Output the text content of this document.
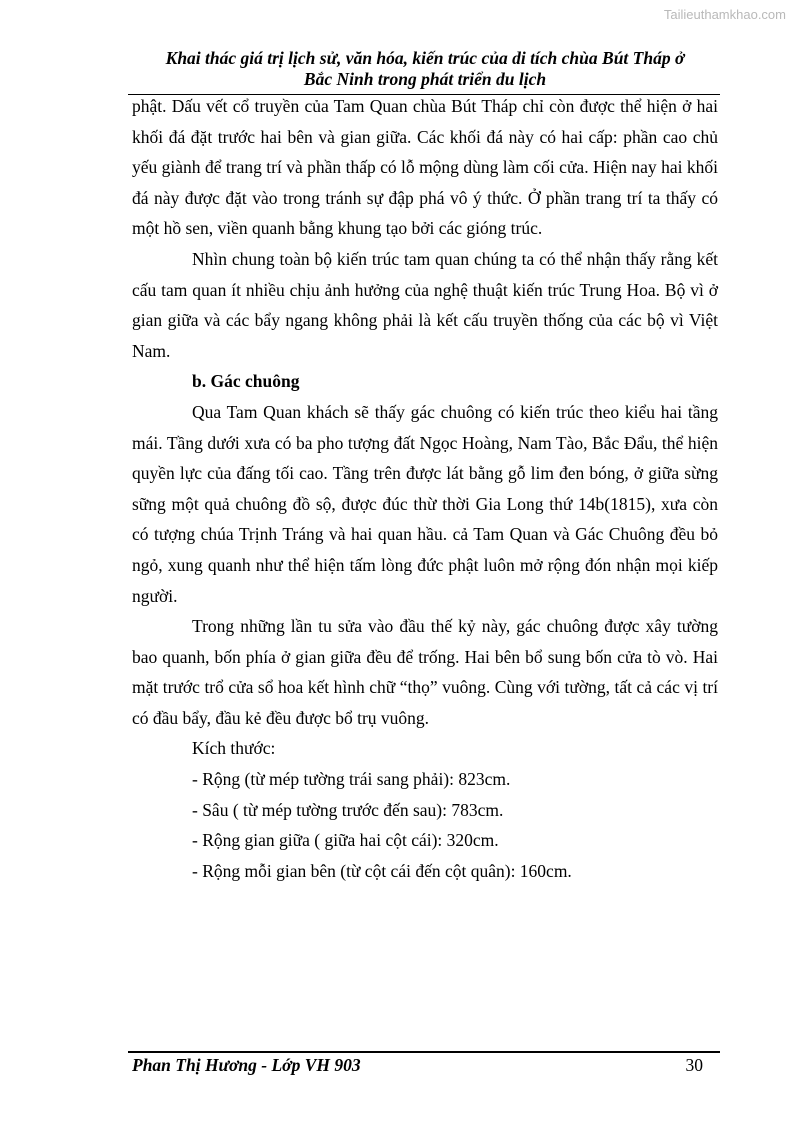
Tailieuthamkhao.com
Khai thác giá trị lịch sử, văn hóa, kiến trúc của di tích chùa Bút Tháp ở
Bắc Ninh trong phát triển du lịch

phật. Dấu vết cổ truyền của Tam Quan chùa Bút Tháp chỉ còn được thể hiện ở hai khối đá đặt trước hai bên và gian giữa. Các khối đá này có hai cấp: phần cao chủ yếu giành để trang trí và phần thấp có lỗ mộng dùng làm cối cửa. Hiện nay hai khối đá này được đặt vào trong tránh sự đập phá vô ý thức. Ở phần trang trí ta thấy có một hồ sen, viền quanh bằng khung tạo bởi các gióng trúc.

Nhìn chung toàn bộ kiến trúc tam quan chúng ta có thể nhận thấy rằng kết cấu tam quan ít nhiều chịu ảnh hưởng của nghệ thuật kiến trúc Trung Hoa. Bộ vì ở gian giữa và các bẩy ngang không phải là kết cấu truyền thống của các bộ vì Việt Nam.

b. Gác chuông

Qua Tam Quan khách sẽ thấy gác chuông có kiến trúc theo kiểu hai tầng mái. Tầng dưới xưa có ba pho tượng đất Ngọc Hoàng, Nam Tào, Bắc Đẩu, thể hiện quyền lực của đấng tối cao. Tầng trên được lát bằng gỗ lim đen bóng, ở giữa sừng sững một quả chuông đồ sộ, được đúc thừ thời Gia Long thứ 14b(1815), xưa còn có tượng chúa Trịnh Tráng và hai quan hầu. cả Tam Quan và Gác Chuông đều bỏ ngỏ, xung quanh như thể hiện tấm lòng đức phật luôn mở rộng đón nhận mọi kiếp người.

Trong những lần tu sửa vào đầu thế kỷ này, gác chuông được xây tường bao quanh, bốn phía ở gian giữa đều để trống. Hai bên bổ sung bốn cửa tò vò. Hai mặt trước trổ cửa sổ hoa kết hình chữ “thọ” vuông. Cùng với tường, tất cả các vị trí có đầu bẩy, đầu kẻ đều được bổ trụ vuông.

Kích thước:

- Rộng (từ mép tường trái sang phải): 823cm.

- Sâu ( từ mép tường trước đến sau): 783cm.

- Rộng gian giữa ( giữa hai cột cái): 320cm.

- Rộng mỗi gian bên (từ cột cái đến cột quân): 160cm.

Phan Thị Hương - Lớp VH 903	30
